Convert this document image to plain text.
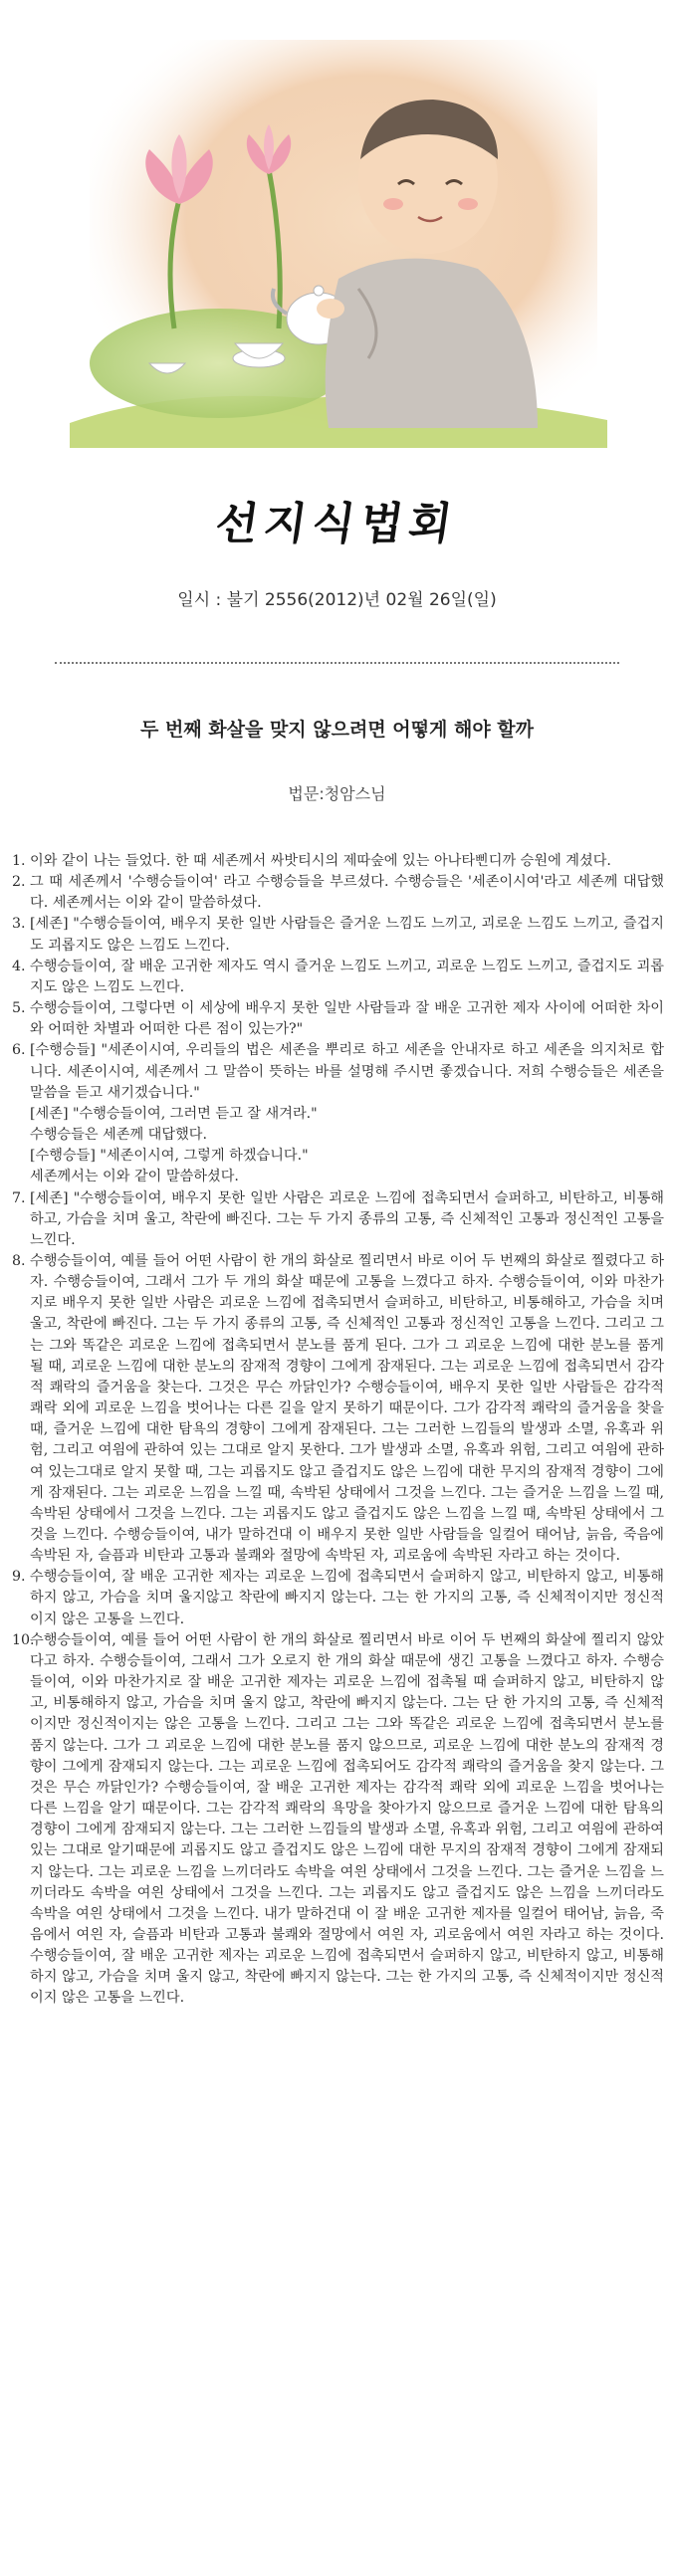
선지식법회
일시 : 불기 2556(2012)년 02월 26일(일)
두 번째 화살을 맞지 않으려면 어떻게 해야 할까
법문:청암스님

1. 이와 같이 나는 들었다. 한 때 세존께서 싸밧티시의 제따숲에 있는 아나타삔디까 승원에 계셨다.

2. 그 때 세존께서 '수행승들이여' 라고 수행승들을 부르셨다. 수행승들은 '세존이시여'라고 세존께 대답했다. 세존께서는 이와 같이 말씀하셨다.

3. [세존] "수행승들이여, 배우지 못한 일반 사람들은 즐거운 느낌도 느끼고, 괴로운 느낌도 느끼고, 즐겁지도 괴롭지도 않은 느낌도 느낀다.

4. 수행승들이여, 잘 배운 고귀한 제자도 역시 즐거운 느낌도 느끼고, 괴로운 느낌도 느끼고, 즐겁지도 괴롭지도 않은 느낌도 느낀다.

5. 수행승들이여, 그렇다면 이 세상에 배우지 못한 일반 사람들과 잘 배운 고귀한 제자 사이에 어떠한 차이와 어떠한 차별과 어떠한 다른 점이 있는가?"

6. [수행승들] "세존이시여, 우리들의 법은 세존을 뿌리로 하고 세존을 안내자로 하고 세존을 의지처로 합니다. 세존이시여, 세존께서 그 말씀이 뜻하는 바를 설명해 주시면 좋겠습니다. 저희 수행승들은 세존을 말씀을 듣고 새기겠습니다."

[세존] "수행승들이여, 그러면 듣고 잘 새겨라."

수행승들은 세존께 대답했다.

[수행승들] "세존이시여, 그렇게 하겠습니다."

세존께서는 이와 같이 말씀하셨다.

7. [세존] "수행승들이여, 배우지 못한 일반 사람은 괴로운 느낌에 접촉되면서 슬퍼하고, 비탄하고, 비통해하고, 가슴을 치며 울고, 착란에 빠진다. 그는 두 가지 종류의 고통, 즉 신체적인 고통과 정신적인 고통을 느낀다.

8. 수행승들이여, 예를 들어 어떤 사람이 한 개의 화살로 찔리면서 바로 이어 두 번째의 화살로 찔렸다고 하자. 수행승들이여, 그래서 그가 두 개의 화살 때문에 고통을 느꼈다고 하자. 수행승들이여, 이와 마찬가지로 배우지 못한 일반 사람은 괴로운 느낌에 접촉되면서 슬퍼하고, 비탄하고, 비통해하고, 가슴을 치며 울고, 착란에 빠진다. 그는 두 가지 종류의 고통, 즉 신체적인 고통과 정신적인 고통을 느낀다. 그리고 그는 그와 똑같은 괴로운 느낌에 접촉되면서 분노를 품게 된다. 그가 그 괴로운 느낌에 대한 분노를 품게 될 때, 괴로운 느낌에 대한 분노의 잠재적 경향이 그에게 잠재된다. 그는 괴로운 느낌에 접촉되면서 감각적 쾌락의 즐거움을 찾는다. 그것은 무슨 까닭인가? 수행승들이여, 배우지 못한 일반 사람들은 감각적 쾌락 외에 괴로운 느낌을 벗어나는 다른 길을 알지 못하기 때문이다. 그가 감각적 쾌락의 즐거움을 찾을 때, 즐거운 느낌에 대한 탐욕의 경향이 그에게 잠재된다. 그는 그러한 느낌들의 발생과 소멸, 유혹과 위험, 그리고 여읨에 관하여 있는 그대로 알지 못한다. 그가 발생과 소멸, 유혹과 위험, 그리고 여읨에 관하여 있는그대로 알지 못할 때, 그는 괴롭지도 않고 즐겁지도 않은 느낌에 대한 무지의 잠재적 경향이 그에게 잠재된다. 그는 괴로운 느낌을 느낄 때, 속박된 상태에서 그것을 느낀다. 그는 즐거운 느낌을 느낄 때, 속박된 상태에서 그것을 느낀다. 그는 괴롭지도 않고 즐겁지도 않은 느낌을 느낄 때, 속박된 상태에서 그것을 느낀다. 수행승들이여, 내가 말하건대 이 배우지 못한 일반 사람들을 일컬어 태어남, 늙음, 죽음에 속박된 자, 슬픔과 비탄과 고통과 불쾌와 절망에 속박된 자, 괴로움에 속박된 자라고 하는 것이다.

9. 수행승들이여, 잘 배운 고귀한 제자는 괴로운 느낌에 접촉되면서 슬퍼하지 않고, 비탄하지 않고, 비통해하지 않고, 가슴을 치며 울지않고 착란에 빠지지 않는다. 그는 한 가지의 고통, 즉 신체적이지만 정신적이지 않은 고통을 느낀다.

10.
수행승들이여, 예를 들어 어떤 사람이 한 개의 화살로 찔리면서 바로 이어 두 번째의 화살에 찔리지 않았다고 하자. 수행승들이여, 그래서 그가 오로지 한 개의 화살 때문에 생긴 고통을 느꼈다고 하자. 수행승들이여, 이와 마찬가지로 잘 배운 고귀한 제자는 괴로운 느낌에 접촉될 때 슬퍼하지 않고, 비탄하지 않고, 비통해하지 않고, 가슴을 치며 울지 않고, 착란에 빠지지 않는다. 그는 단 한 가지의 고통, 즉 신체적이지만 정신적이지는 않은 고통을 느낀다. 그리고 그는 그와 똑같은 괴로운 느낌에 접촉되면서 분노를 품지 않는다. 그가 그 괴로운 느낌에 대한 분노를 품지 않으므로, 괴로운 느낌에 대한 분노의 잠재적 경향이 그에게 잠재되지 않는다. 그는 괴로운 느낌에 접촉되어도 감각적 쾌락의 즐거움을 찾지 않는다. 그것은 무슨 까닭인가? 수행승들이여, 잘 배운 고귀한 제자는 감각적 쾌락 외에 괴로운 느낌을 벗어나는 다른 느낌을 알기 때문이다. 그는 감각적 쾌락의 욕망을 찾아가지 않으므로 즐거운 느낌에 대한 탐욕의 경향이 그에게 잠재되지 않는다. 그는 그러한 느낌들의 발생과 소멸, 유혹과 위험, 그리고 여읨에 관하여 있는 그대로 알기때문에 괴롭지도 않고 즐겁지도 않은 느낌에 대한 무지의 잠재적 경향이 그에게 잠재되지 않는다. 그는 괴로운 느낌을 느끼더라도 속박을 여읜 상태에서 그것을 느낀다. 그는 즐거운 느낌을 느끼더라도 속박을 여읜 상태에서 그것을 느낀다. 그는 괴롭지도 않고 즐겁지도 않은 느낌을 느끼더라도 속박을 여읜 상태에서 그것을 느낀다. 내가 말하건대 이 잘 배운 고귀한 제자를 일컬어 태어남, 늙음, 죽음에서 여읜 자, 슬픔과 비탄과 고통과 불쾌와 절망에서 여읜 자, 괴로움에서 여읜 자라고 하는 것이다. 수행승들이여, 잘 배운 고귀한 제자는 괴로운 느낌에 접촉되면서 슬퍼하지 않고, 비탄하지 않고, 비통해하지 않고, 가슴을 치며 울지 않고, 착란에 빠지지 않는다. 그는 한 가지의 고통, 즉 신체적이지만 정신적이지 않은 고통을 느낀다.
